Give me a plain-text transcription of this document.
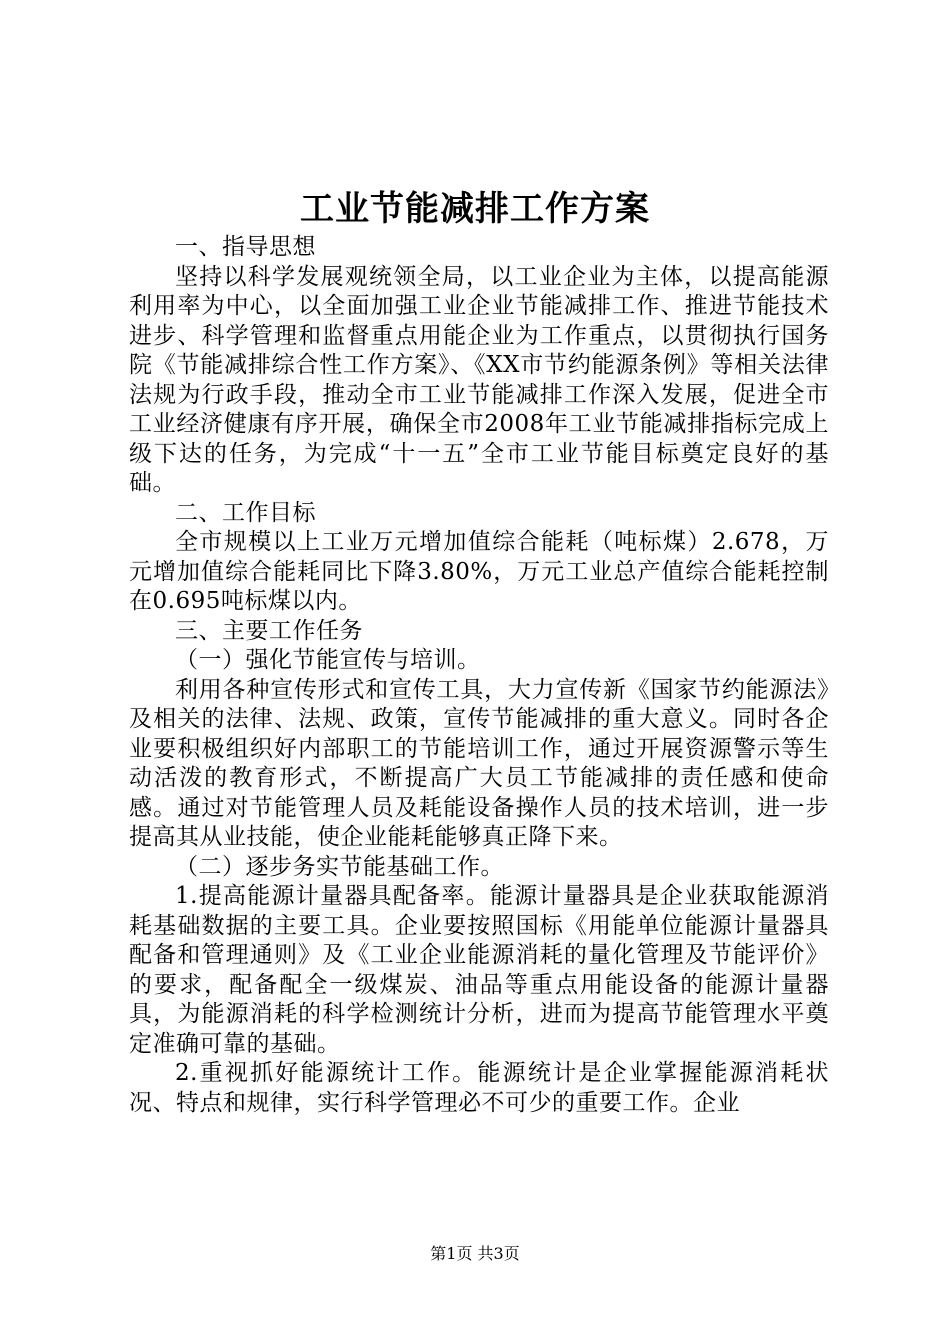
工业节能减排工作方案

一、指导思想

坚持以科学发展观统领全局，以工业企业为主体，以提高能源利用率为中心，以全面加强工业企业节能减排工作、推进节能技术进步、科学管理和监督重点用能企业为工作重点，以贯彻执行国务院《节能减排综合性工作方案》、《XX市节约能源条例》等相关法律法规为行政手段，推动全市工业节能减排工作深入发展，促进全市工业经济健康有序开展，确保全市2008年工业节能减排指标完成上级下达的任务，为完成“十一五”全市工业节能目标奠定良好的基础。

二、工作目标

全市规模以上工业万元增加值综合能耗（吨标煤）2.678，万元增加值综合能耗同比下降3.80%，万元工业总产值综合能耗控制在0.695吨标煤以内。

三、主要工作任务

（一）强化节能宣传与培训。

利用各种宣传形式和宣传工具，大力宣传新《国家节约能源法》及相关的法律、法规、政策，宣传节能减排的重大意义。同时各企业要积极组织好内部职工的节能培训工作，通过开展资源警示等生动活泼的教育形式，不断提高广大员工节能减排的责任感和使命感。通过对节能管理人员及耗能设备操作人员的技术培训，进一步提高其从业技能，使企业能耗能够真正降下来。

（二）逐步务实节能基础工作。

1.提高能源计量器具配备率。能源计量器具是企业获取能源消耗基础数据的主要工具。企业要按照国标《用能单位能源计量器具配备和管理通则》及《工业企业能源消耗的量化管理及节能评价》的要求，配备配全一级煤炭、油品等重点用能设备的能源计量器具，为能源消耗的科学检测统计分析，进而为提高节能管理水平奠定准确可靠的基础。

2.重视抓好能源统计工作。能源统计是企业掌握能源消耗状况、特点和规律，实行科学管理必不可少的重要工作。企业

第1页 共3页
